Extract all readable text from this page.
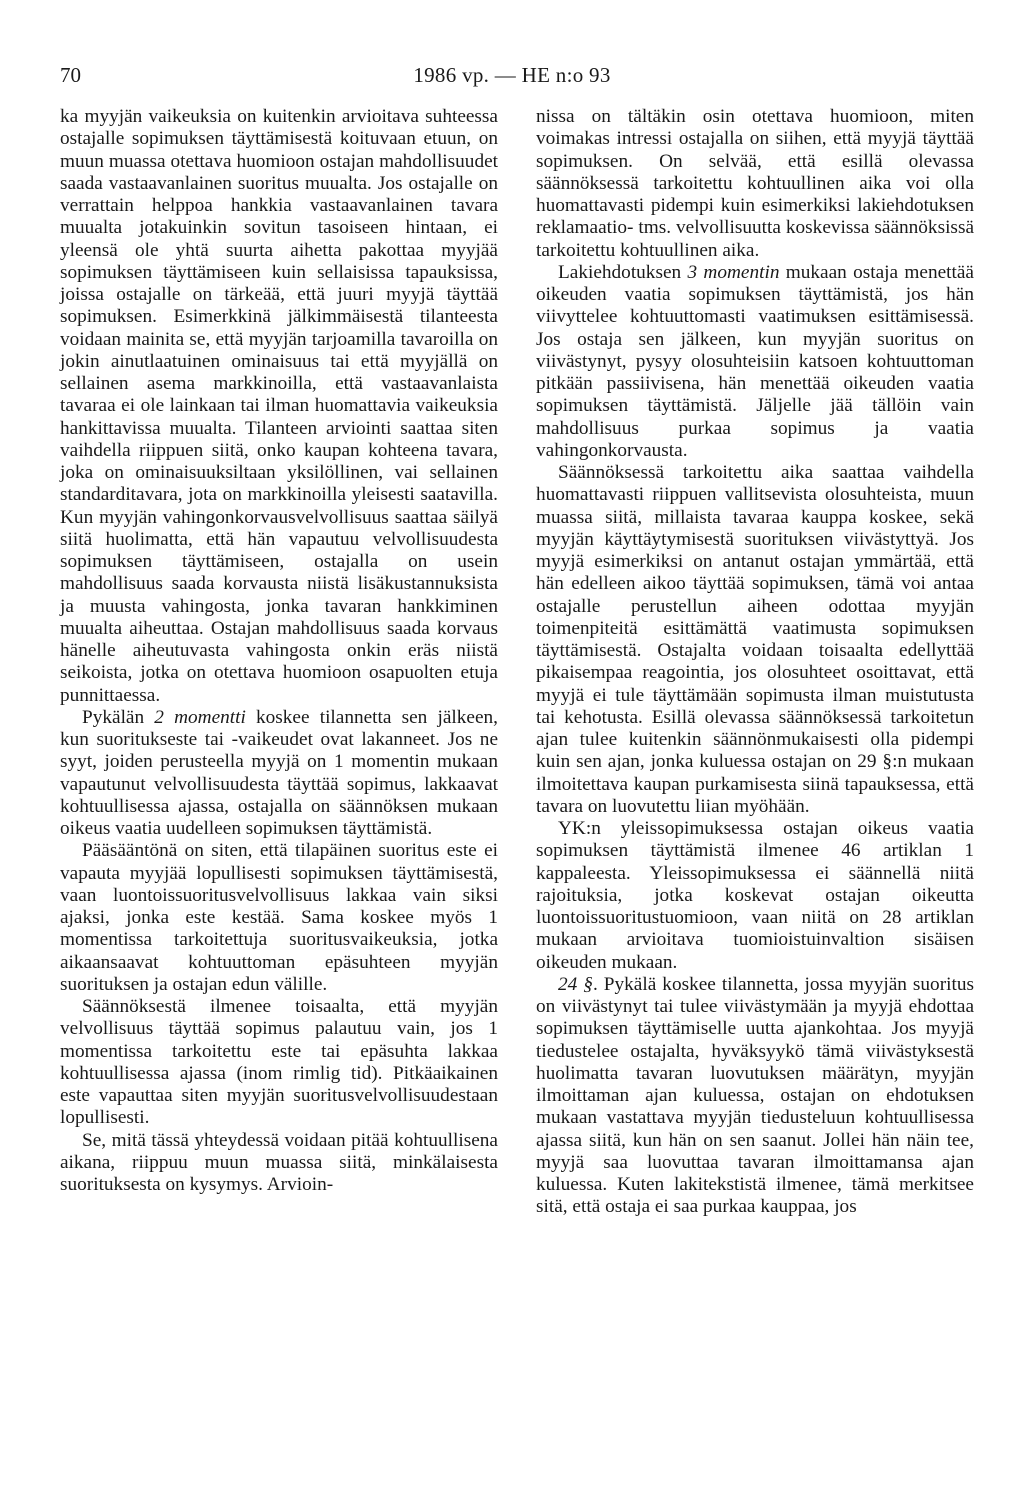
70	1986 vp. — HE n:o 93

ka myyjän vaikeuksia on kuitenkin arvioitava suhteessa ostajalle sopimuksen täyttämisestä koituvaan etuun, on muun muassa otettava huomioon ostajan mahdollisuudet saada vastaavanlainen suoritus muualta. Jos ostajalle on verrattain helppoa hankkia vastaavanlainen tavara muualta jotakuinkin sovitun tasoiseen hintaan, ei yleensä ole yhtä suurta aihetta pakottaa myyjää sopimuksen täyttämiseen kuin sellaisissa tapauksissa, joissa ostajalle on tärkeää, että juuri myyjä täyttää sopimuksen. Esimerkkinä jälkimmäisestä tilanteesta voidaan mainita se, että myyjän tarjoamilla tavaroilla on jokin ainutlaatuinen ominaisuus tai että myyjällä on sellainen asema markkinoilla, että vastaavanlaista tavaraa ei ole lainkaan tai ilman huomattavia vaikeuksia hankittavissa muualta. Tilanteen arviointi saattaa siten vaihdella riippuen siitä, onko kaupan kohteena tavara, joka on ominaisuuksiltaan yksilöllinen, vai sellainen standarditavara, jota on markkinoilla yleisesti saatavilla. Kun myyjän vahingonkorvausvelvollisuus saattaa säilyä siitä huolimatta, että hän vapautuu velvollisuudesta sopimuksen täyttämiseen, ostajalla on usein mahdollisuus saada korvausta niistä lisäkustannuksista ja muusta vahingosta, jonka tavaran hankkiminen muualta aiheuttaa. Ostajan mahdollisuus saada korvaus hänelle aiheutuvasta vahingosta onkin eräs niistä seikoista, jotka on otettava huomioon osapuolten etuja punnittaessa.

Pykälän 2 momentti koskee tilannetta sen jälkeen, kun suoritukseste tai -vaikeudet ovat lakanneet. Jos ne syyt, joiden perusteella myyjä on 1 momentin mukaan vapautunut velvollisuudesta täyttää sopimus, lakkaavat kohtuullisessa ajassa, ostajalla on säännöksen mukaan oikeus vaatia uudelleen sopimuksen täyttämistä.

Pääsääntönä on siten, että tilapäinen suoritus este ei vapauta myyjää lopullisesti sopimuksen täyttämisestä, vaan luontoissuoritusvelvollisuus lakkaa vain siksi ajaksi, jonka este kestää. Sama koskee myös 1 momentissa tarkoitettuja suoritusvaikeuksia, jotka aikaansaavat kohtuuttoman epäsuhteen myyjän suorituksen ja ostajan edun välille.

Säännöksestä ilmenee toisaalta, että myyjän velvollisuus täyttää sopimus palautuu vain, jos 1 momentissa tarkoitettu este tai epäsuhta lakkaa kohtuullisessa ajassa (inom rimlig tid). Pitkäaikainen este vapauttaa siten myyjän suoritusvelvollisuudestaan lopullisesti.

Se, mitä tässä yhteydessä voidaan pitää kohtuullisena aikana, riippuu muun muassa siitä, minkälaisesta suorituksesta on kysymys. Arvioin-

nissa on tältäkin osin otettava huomioon, miten voimakas intressi ostajalla on siihen, että myyjä täyttää sopimuksen. On selvää, että esillä olevassa säännöksessä tarkoitettu kohtuullinen aika voi olla huomattavasti pidempi kuin esimerkiksi lakiehdotuksen reklamaatio- tms. velvollisuutta koskevissa säännöksissä tarkoitettu kohtuullinen aika.

Lakiehdotuksen 3 momentin mukaan ostaja menettää oikeuden vaatia sopimuksen täyttämistä, jos hän viivyttelee kohtuuttomasti vaatimuksen esittämisessä. Jos ostaja sen jälkeen, kun myyjän suoritus on viivästynyt, pysyy olosuhteisiin katsoen kohtuuttoman pitkään passiivisena, hän menettää oikeuden vaatia sopimuksen täyttämistä. Jäljelle jää tällöin vain mahdollisuus purkaa sopimus ja vaatia vahingonkorvausta.

Säännöksessä tarkoitettu aika saattaa vaihdella huomattavasti riippuen vallitsevista olosuhteista, muun muassa siitä, millaista tavaraa kauppa koskee, sekä myyjän käyttäytymisestä suorituksen viivästyttyä. Jos myyjä esimerkiksi on antanut ostajan ymmärtää, että hän edelleen aikoo täyttää sopimuksen, tämä voi antaa ostajalle perustellun aiheen odottaa myyjän toimenpiteitä esittämättä vaatimusta sopimuksen täyttämisestä. Ostajalta voidaan toisaalta edellyttää pikaisempaa reagointia, jos olosuhteet osoittavat, että myyjä ei tule täyttämään sopimusta ilman muistutusta tai kehotusta. Esillä olevassa säännöksessä tarkoitetun ajan tulee kuitenkin säännönmukaisesti olla pidempi kuin sen ajan, jonka kuluessa ostajan on 29 §:n mukaan ilmoitettava kaupan purkamisesta siinä tapauksessa, että tavara on luovutettu liian myöhään.

YK:n yleissopimuksessa ostajan oikeus vaatia sopimuksen täyttämistä ilmenee 46 artiklan 1 kappaleesta. Yleissopimuksessa ei säännellä niitä rajoituksia, jotka koskevat ostajan oikeutta luontoissuoritustuomioon, vaan niitä on 28 artiklan mukaan arvioitava tuomioistuinvaltion sisäisen oikeuden mukaan.

24 §. Pykälä koskee tilannetta, jossa myyjän suoritus on viivästynyt tai tulee viivästymään ja myyjä ehdottaa sopimuksen täyttämiselle uutta ajankohtaa. Jos myyjä tiedustelee ostajalta, hyväksyykö tämä viivästyksestä huolimatta tavaran luovutuksen määrätyn, myyjän ilmoittaman ajan kuluessa, ostajan on ehdotuksen mukaan vastattava myyjän tiedusteluun kohtuullisessa ajassa siitä, kun hän on sen saanut. Jollei hän näin tee, myyjä saa luovuttaa tavaran ilmoittamansa ajan kuluessa. Kuten lakitekstistä ilmenee, tämä merkitsee sitä, että ostaja ei saa purkaa kauppaa, jos
